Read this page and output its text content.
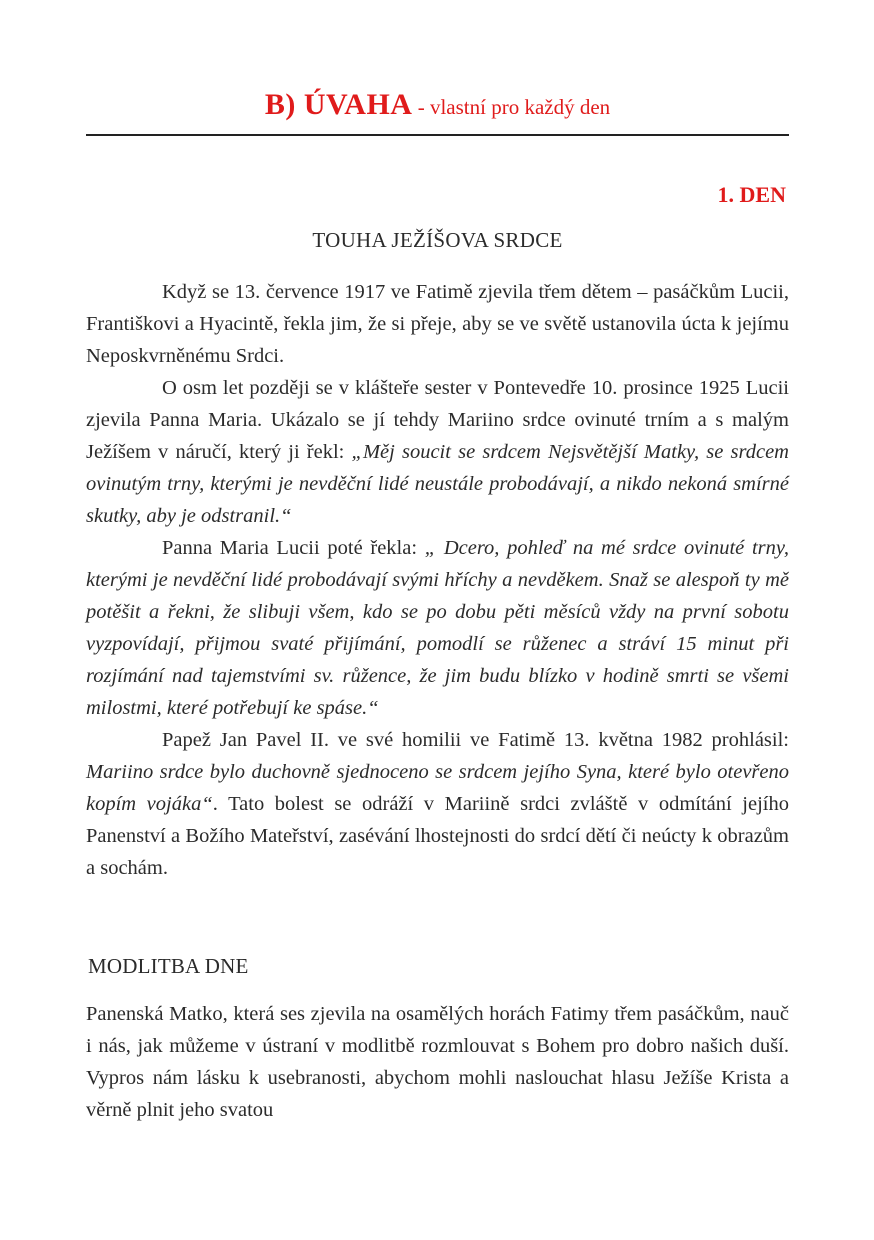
B) ÚVAHA - vlastní pro každý den
1. DEN
TOUHA JEŽÍŠOVA SRDCE

Když se 13. července 1917 ve Fatimě zjevila třem dětem – pasáčkům Lucii, Františkovi a Hyacintě, řekla jim, že si přeje, aby se ve světě ustanovila úcta k jejímu Neposkvrněnému Srdci.

O osm let později se v klášteře sester v Pontevedře 10. prosince 1925 Lucii zjevila Panna Maria. Ukázalo se jí tehdy Mariino srdce ovinuté trním a s malým Ježíšem v náručí, který ji řekl: „Měj soucit se srdcem Nejsvětější Matky, se srdcem ovinutým trny, kterými je nevděční lidé neustále probodávají, a nikdo nekoná smírné skutky, aby je odstranil.“

Panna Maria Lucii poté řekla: „ Dcero, pohleď na mé srdce ovinuté trny, kterými je nevděční lidé probodávají svými hříchy a nevděkem. Snaž se alespoň ty mě potěšit a řekni, že slibuji všem, kdo se po dobu pěti měsíců vždy na první sobotu vyzpovídají, přijmou svaté přijímání, pomodlí se růženec a stráví 15 minut při rozjímání nad tajemstvími sv. růžence, že jim budu blízko v hodině smrti se všemi milostmi, které potřebují ke spáse.“

Papež Jan Pavel II. ve své homilii ve Fatimě 13. května 1982 prohlásil: Mariino srdce bylo duchovně sjednoceno se srdcem jejího Syna, které bylo otevřeno kopím vojáka“. Tato bolest se odráží v Mariině srdci zvláště v odmítání jejího Panenství a Božího Mateřství, zasévání lhostejnosti do srdcí dětí či neúcty k obrazům a sochám.

MODLITBA DNE

Panenská Matko, která ses zjevila na osamělých horách Fatimy třem pasáčkům, nauč i nás, jak můžeme v ústraní v modlitbě rozmlouvat s Bohem pro dobro našich duší. Vypros nám lásku k usebranosti, abychom mohli naslouchat hlasu Ježíše Krista a věrně plnit jeho svatou
